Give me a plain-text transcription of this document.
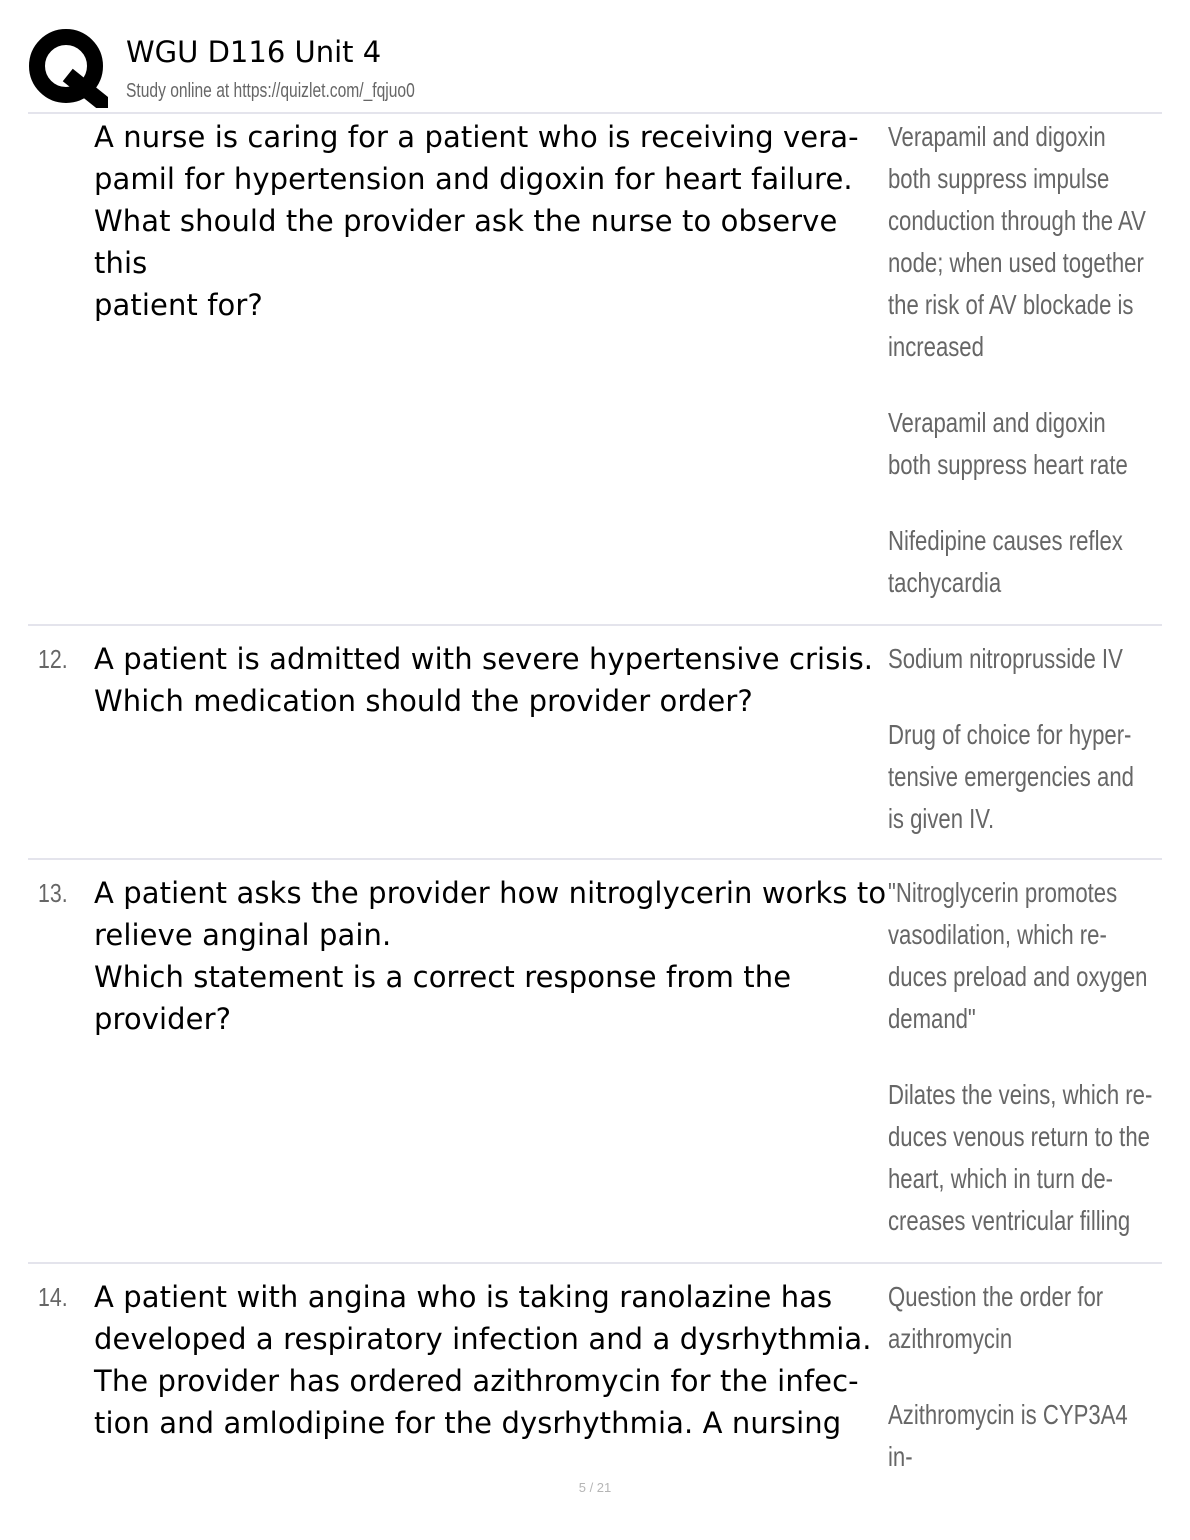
WGU D116 Unit 4
Study online at https://quizlet.com/_fqjuo0
A nurse is caring for a patient who is receiving vera-
pamil for hypertension and digoxin for heart failure.
What should the provider ask the nurse to observe this
patient for?
Verapamil and digoxin
both suppress impulse
conduction through the AV
node; when used together
the risk of AV blockade is
increased
Verapamil and digoxin
both suppress heart rate
Nifedipine causes reflex
tachycardia
12. A patient is admitted with severe hypertensive crisis.
Which medication should the provider order?
Sodium nitroprusside IV
Drug of choice for hyper-
tensive emergencies and
is given IV.
13. A patient asks the provider how nitroglycerin works to
relieve anginal pain.
Which statement is a correct response from the
provider?
"Nitroglycerin promotes
vasodilation, which re-
duces preload and oxygen
demand"
Dilates the veins, which re-
duces venous return to the
heart, which in turn de-
creases ventricular filling
14. A patient with angina who is taking ranolazine has
developed a respiratory infection and a dysrhythmia.
The provider has ordered azithromycin for the infec-
tion and amlodipine for the dysrhythmia. A nursing
Question the order for
azithromycin
Azithromycin is CYP3A4 in-
5 / 21
